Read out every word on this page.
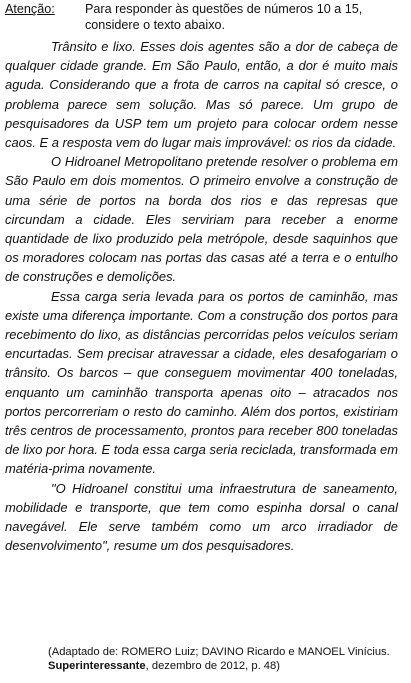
Atenção: Para responder às questões de números 10 a 15, considere o texto abaixo.

Trânsito e lixo. Esses dois agentes são a dor de cabeça de qualquer cidade grande. Em São Paulo, então, a dor é muito mais aguda. Considerando que a frota de carros na capital só cresce, o problema parece sem solução. Mas só parece. Um grupo de pesquisadores da USP tem um projeto para colocar ordem nesse caos. E a resposta vem do lugar mais improvável: os rios da cidade.

O Hidroanel Metropolitano pretende resolver o problema em São Paulo em dois momentos. O primeiro envolve a construção de uma série de portos na borda dos rios e das represas que circundam a cidade. Eles serviriam para receber a enorme quantidade de lixo produzido pela metrópole, desde saquinhos que os moradores colocam nas portas das casas até a terra e o entulho de construções e demolições.

Essa carga seria levada para os portos de caminhão, mas existe uma diferença importante. Com a construção dos portos para recebimento do lixo, as distâncias percorridas pelos veículos seriam encurtadas. Sem precisar atravessar a cidade, eles desafogariam o trânsito. Os barcos – que conseguem movimentar 400 toneladas, enquanto um caminhão transporta apenas oito – atracados nos portos percorreriam o resto do caminho. Além dos portos, existiriam três centros de processamento, prontos para receber 800 toneladas de lixo por hora. E toda essa carga seria reciclada, transformada em matéria-prima novamente.

"O Hidroanel constitui uma infraestrutura de saneamento, mobilidade e transporte, que tem como espinha dorsal o canal navegável. Ele serve também como um arco irradiador de desenvolvimento", resume um dos pesquisadores.

(Adaptado de: ROMERO Luiz; DAVINO Ricardo e MANOEL Vinícius. Superinteressante, dezembro de 2012, p. 48)
